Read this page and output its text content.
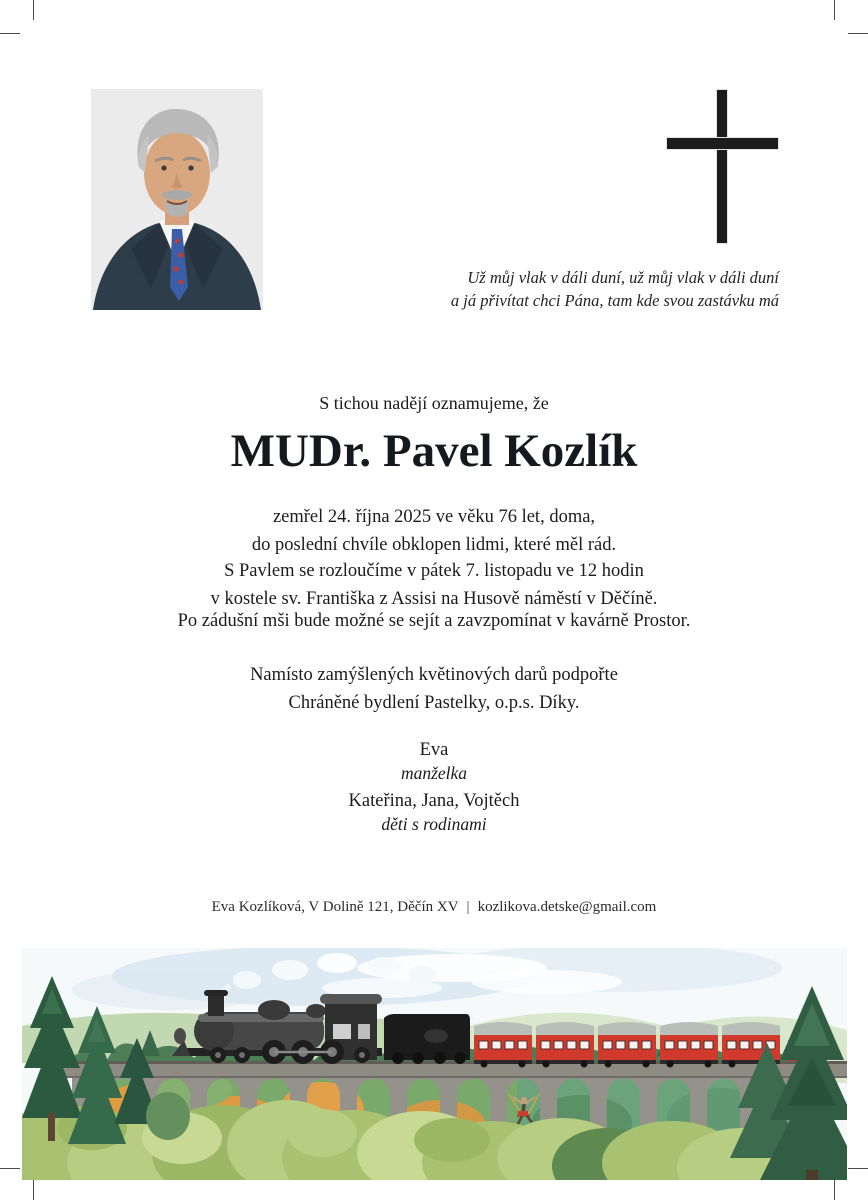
Už můj vlak v dáli duní, už můj vlak v dáli duní
a já přivítat chci Pána, tam kde svou zastávku má
S tichou nadějí oznamujeme, že
MUDr. Pavel Kozlík
zemřel 24. října 2025 ve věku 76 let, doma,
do poslední chvíle obklopen lidmi, které měl rád.
S Pavlem se rozloučíme v pátek 7. listopadu ve 12 hodin
v kostele sv. Františka z Assisi na Husově náměstí v Děčíně.
Po zádušní mši bude možné se sejít a zavzpomínat v kavárně Prostor.
Namísto zamýšlených květinových darů podpořte
Chráněné bydlení Pastelky, o.p.s. Díky.
Eva
manželka
Kateřina, Jana, Vojtěch
děti s rodinami
Eva Kozlíková, V Dolině 121, Děčín XV | kozlikova.detske@gmail.com
